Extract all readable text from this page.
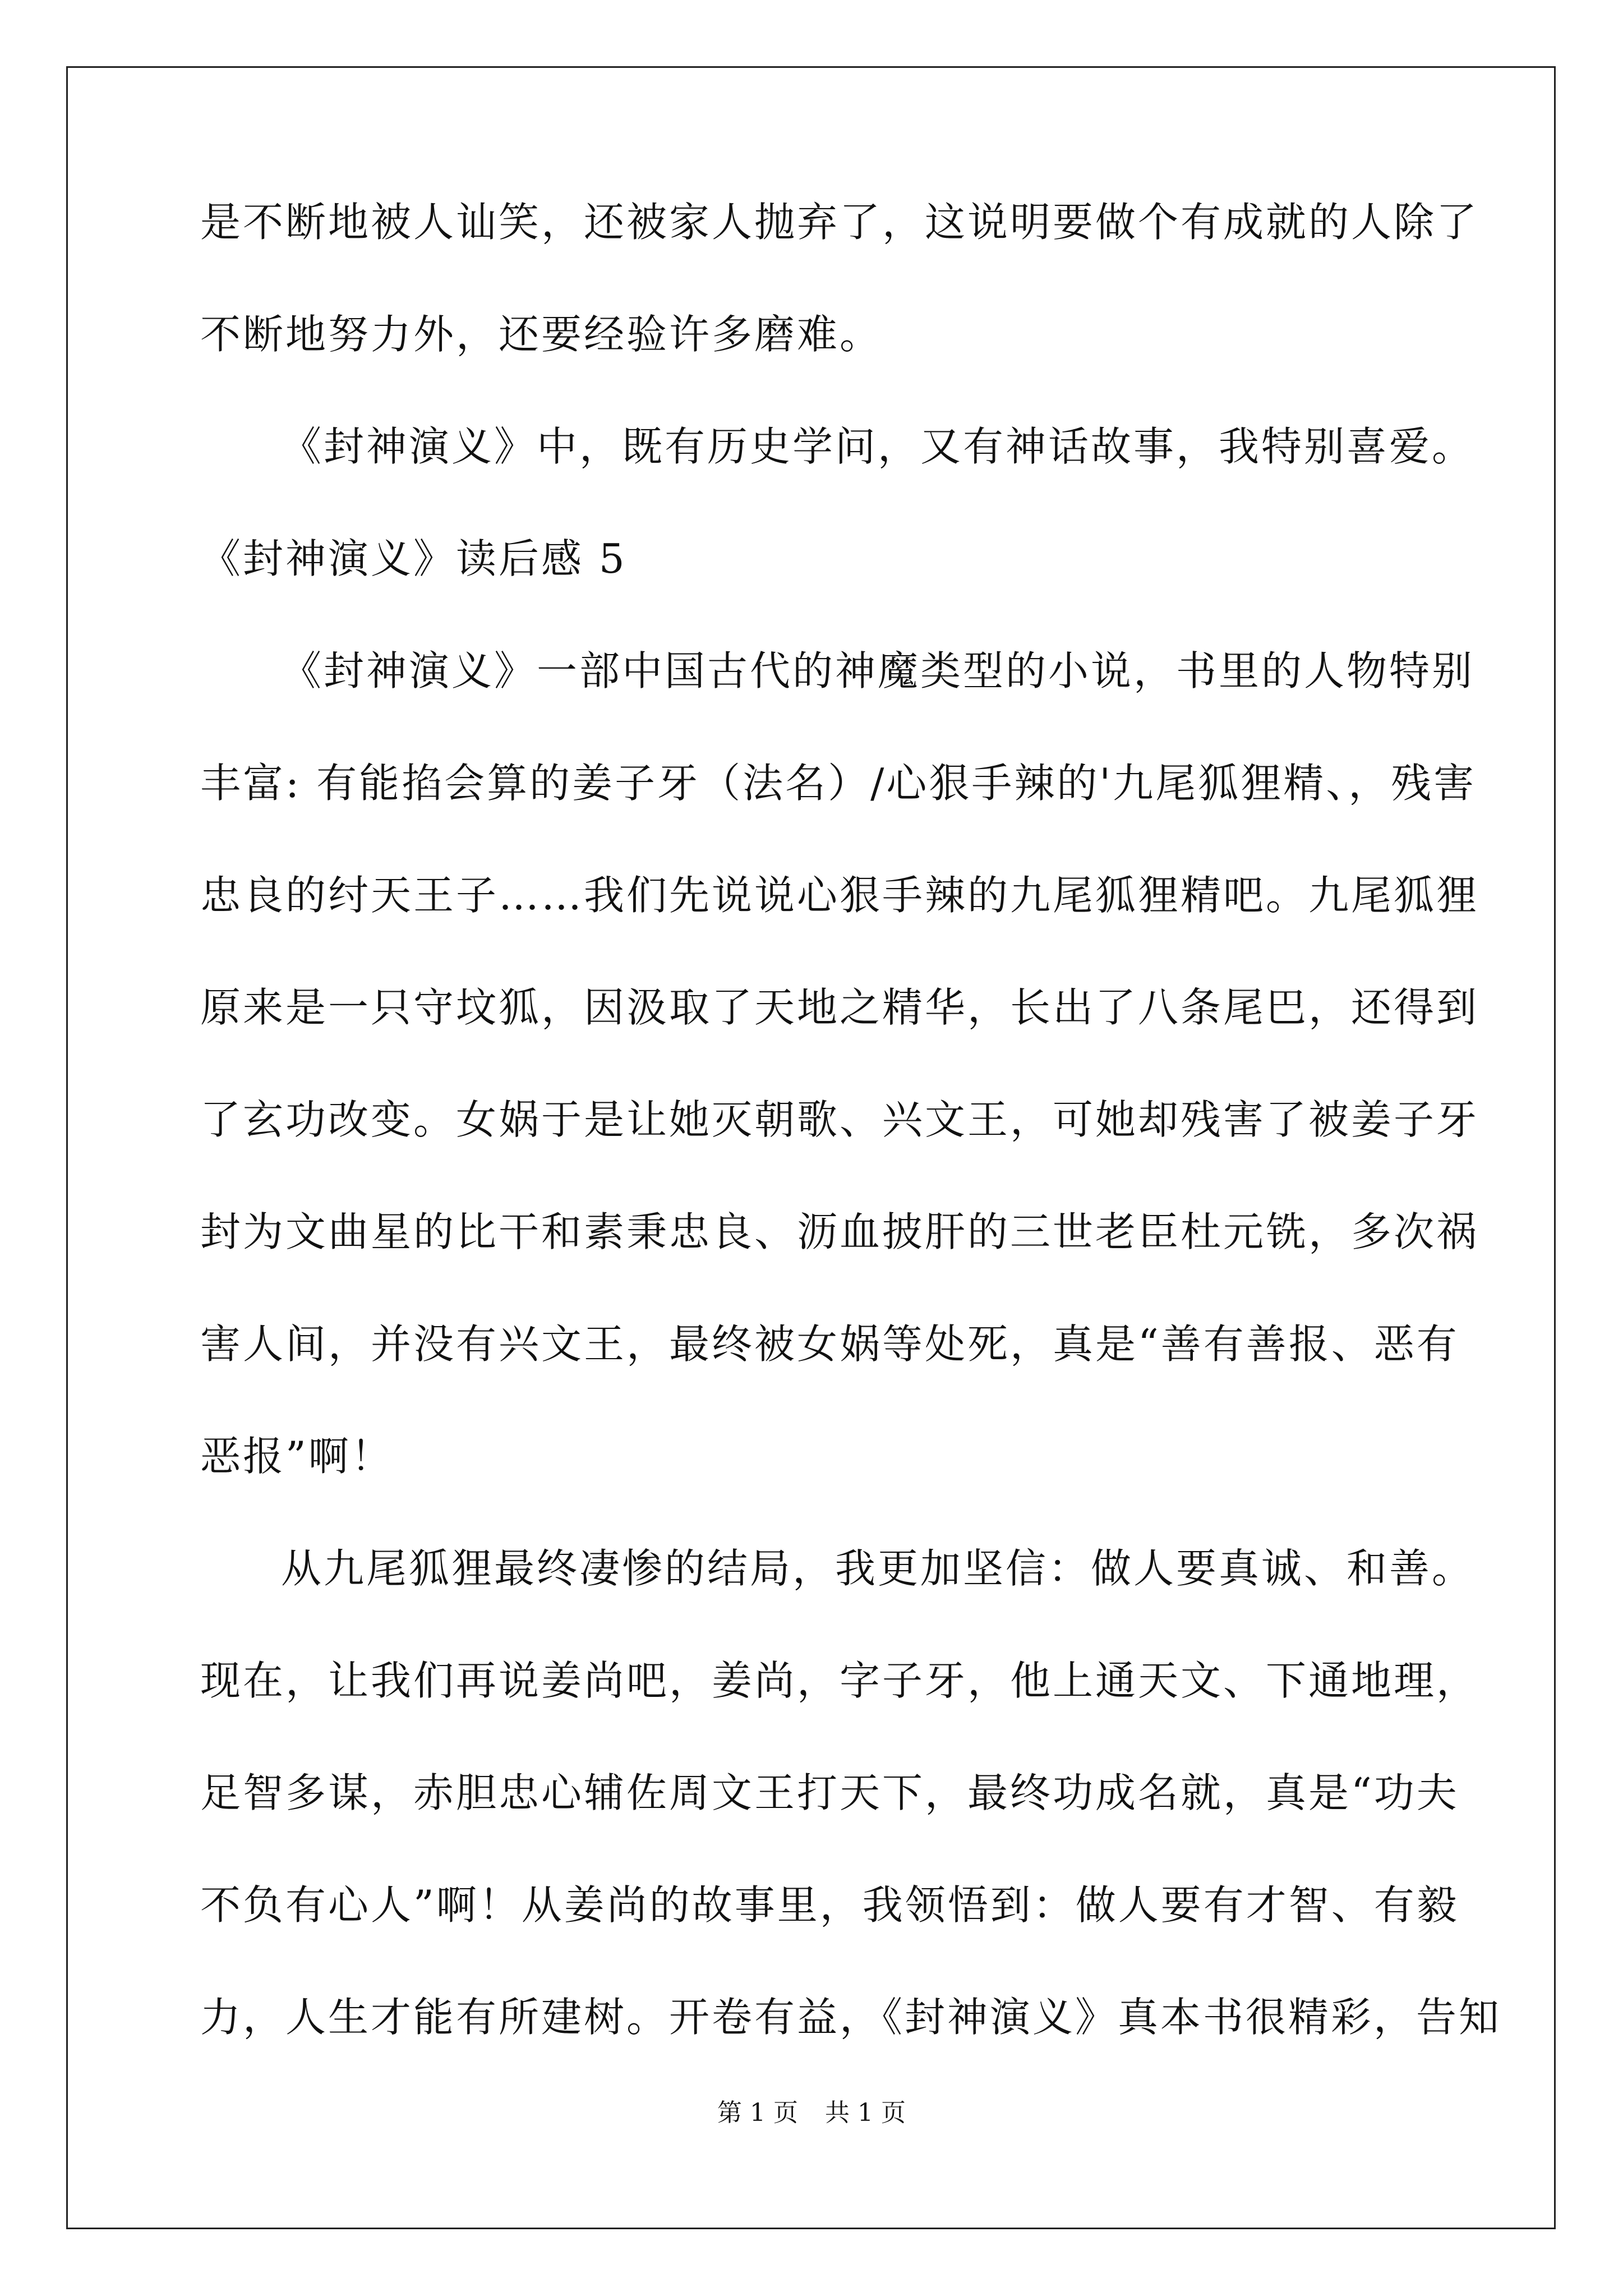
是不断地被人讪笑，还被家人抛弃了，这说明要做个有成就的人除了
不断地努力外，还要经验许多磨难。
《封神演义》中，既有历史学问，又有神话故事，我特别喜爱。
《封神演义》读后感 5
《封神演义》一部中国古代的神魔类型的小说，书里的人物特别
丰富: 有能掐会算的姜子牙（法名）/心狠手辣的'九尾狐狸精、，残害
忠良的纣天王子……我们先说说心狠手辣的九尾狐狸精吧。九尾狐狸
原来是一只守坟狐，因汲取了天地之精华，长出了八条尾巴，还得到
了玄功改变。女娲于是让她灭朝歌、兴文王，可她却残害了被姜子牙
封为文曲星的比干和素秉忠良、沥血披肝的三世老臣杜元铣，多次祸
害人间，并没有兴文王，最终被女娲等处死，真是“善有善报、恶有
恶报”啊！
从九尾狐狸最终凄惨的结局，我更加坚信：做人要真诚、和善。
现在，让我们再说姜尚吧，姜尚，字子牙，他上通天文、下通地理，
足智多谋，赤胆忠心辅佐周文王打天下，最终功成名就，真是“功夫
不负有心人”啊！从姜尚的故事里，我领悟到：做人要有才智、有毅
力，人生才能有所建树。开卷有益，《封神演义》真本书很精彩，告知
第 1 页 共 1 页
